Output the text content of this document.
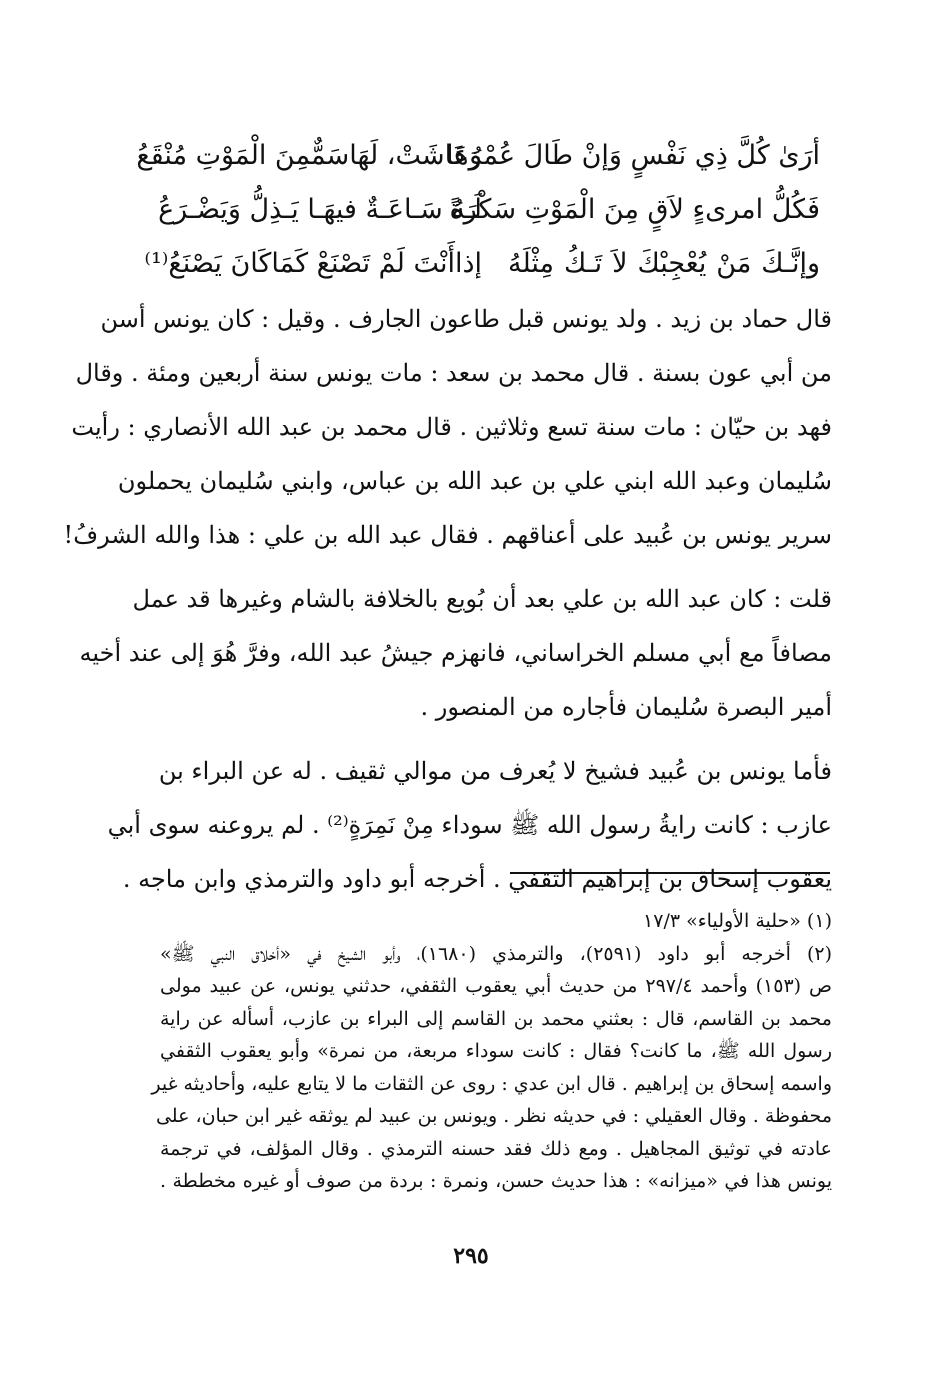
أرَىٰ كُلَّ ذِي نَفْسٍ وَإنْ طَالَ عُمْرُهَا
وَعَاشَتْ، لَهَاسَمٌّمِنَ الْمَوْتِ مُنْقَعُ
فَكُلُّ امرىءٍ لاَقٍ مِنَ الْمَوْتِ سَكْرَةً
لَـهُ سَـاعَـةٌ فيهَـا يَـذِلُّ وَيَضْـرَعُ
وإنَّـكَ مَنْ يُعْجِبْكَ لاَ تَـكُ مِثْلَهُ
إذاأَنْتَ لَمْ تَصْنَعْ كَمَاكَانَ يَصْنَعُ⁽¹⁾
قال حماد بن زيد . ولد يونس قبل طاعون الجارف . وقيل : كان يونس أسن
من أبي عون بسنة . قال محمد بن سعد : مات يونس سنة أربعين ومئة . وقال
فهد بن حيّان : مات سنة تسع وثلاثين . قال محمد بن عبد الله الأنصاري : رأيت
سُليمان وعبد الله ابني علي بن عبد الله بن عباس، وابني سُليمان يحملون
سرير يونس بن عُبيد على أعناقهم . فقال عبد الله بن علي : هذا والله الشرفُ!
قلت : كان عبد الله بن علي بعد أن بُويع بالخلافة بالشام وغيرها قد عمل
مصافاً مع أبي مسلم الخراساني، فانهزم جيشُ عبد الله، وفرَّ هُوَ إلى عند أخيه
أمير البصرة سُليمان فأجاره من المنصور .
فأما يونس بن عُبيد فشيخ لا يُعرف من موالي ثقيف . له عن البراء بن
عازب : كانت رايةُ رسول الله ﷺ سوداء مِنْ نَمِرَةٍ⁽²⁾ . لم يروعنه سوى أبي
يعقوب إسحاق بن إبراهيم الثقفي . أخرجه أبو داود والترمذي وابن ماجه .
(١) «حلية الأولياء» ١٧/٣
(٢) أخرجه أبو داود (٢٥٩١)، والترمذي (١٦٨٠)، وأبو الشيخ في «أخلاق النبي ﷺ»
ص (١٥٣) وأحمد ٢٩٧/٤ من حديث أبي يعقوب الثقفي، حدثني يونس، عن عبيد مولى
محمد بن القاسم، قال : بعثني محمد بن القاسم إلى البراء بن عازب، أسأله عن راية
رسول الله ﷺ، ما كانت؟ فقال : كانت سوداء مربعة، من نمرة» وأبو يعقوب الثقفي
واسمه إسحاق بن إبراهيم . قال ابن عدي : روى عن الثقات ما لا يتابع عليه، وأحاديثه غير
محفوظة . وقال العقيلي : في حديثه نظر . ويونس بن عبيد لم يوثقه غير ابن حبان، على
عادته في توثيق المجاهيل . ومع ذلك فقد حسنه الترمذي . وقال المؤلف، في ترجمة
يونس هذا في «ميزانه» : هذا حديث حسن، ونمرة : بردة من صوف أو غيره مخططة .
٢٩٥
